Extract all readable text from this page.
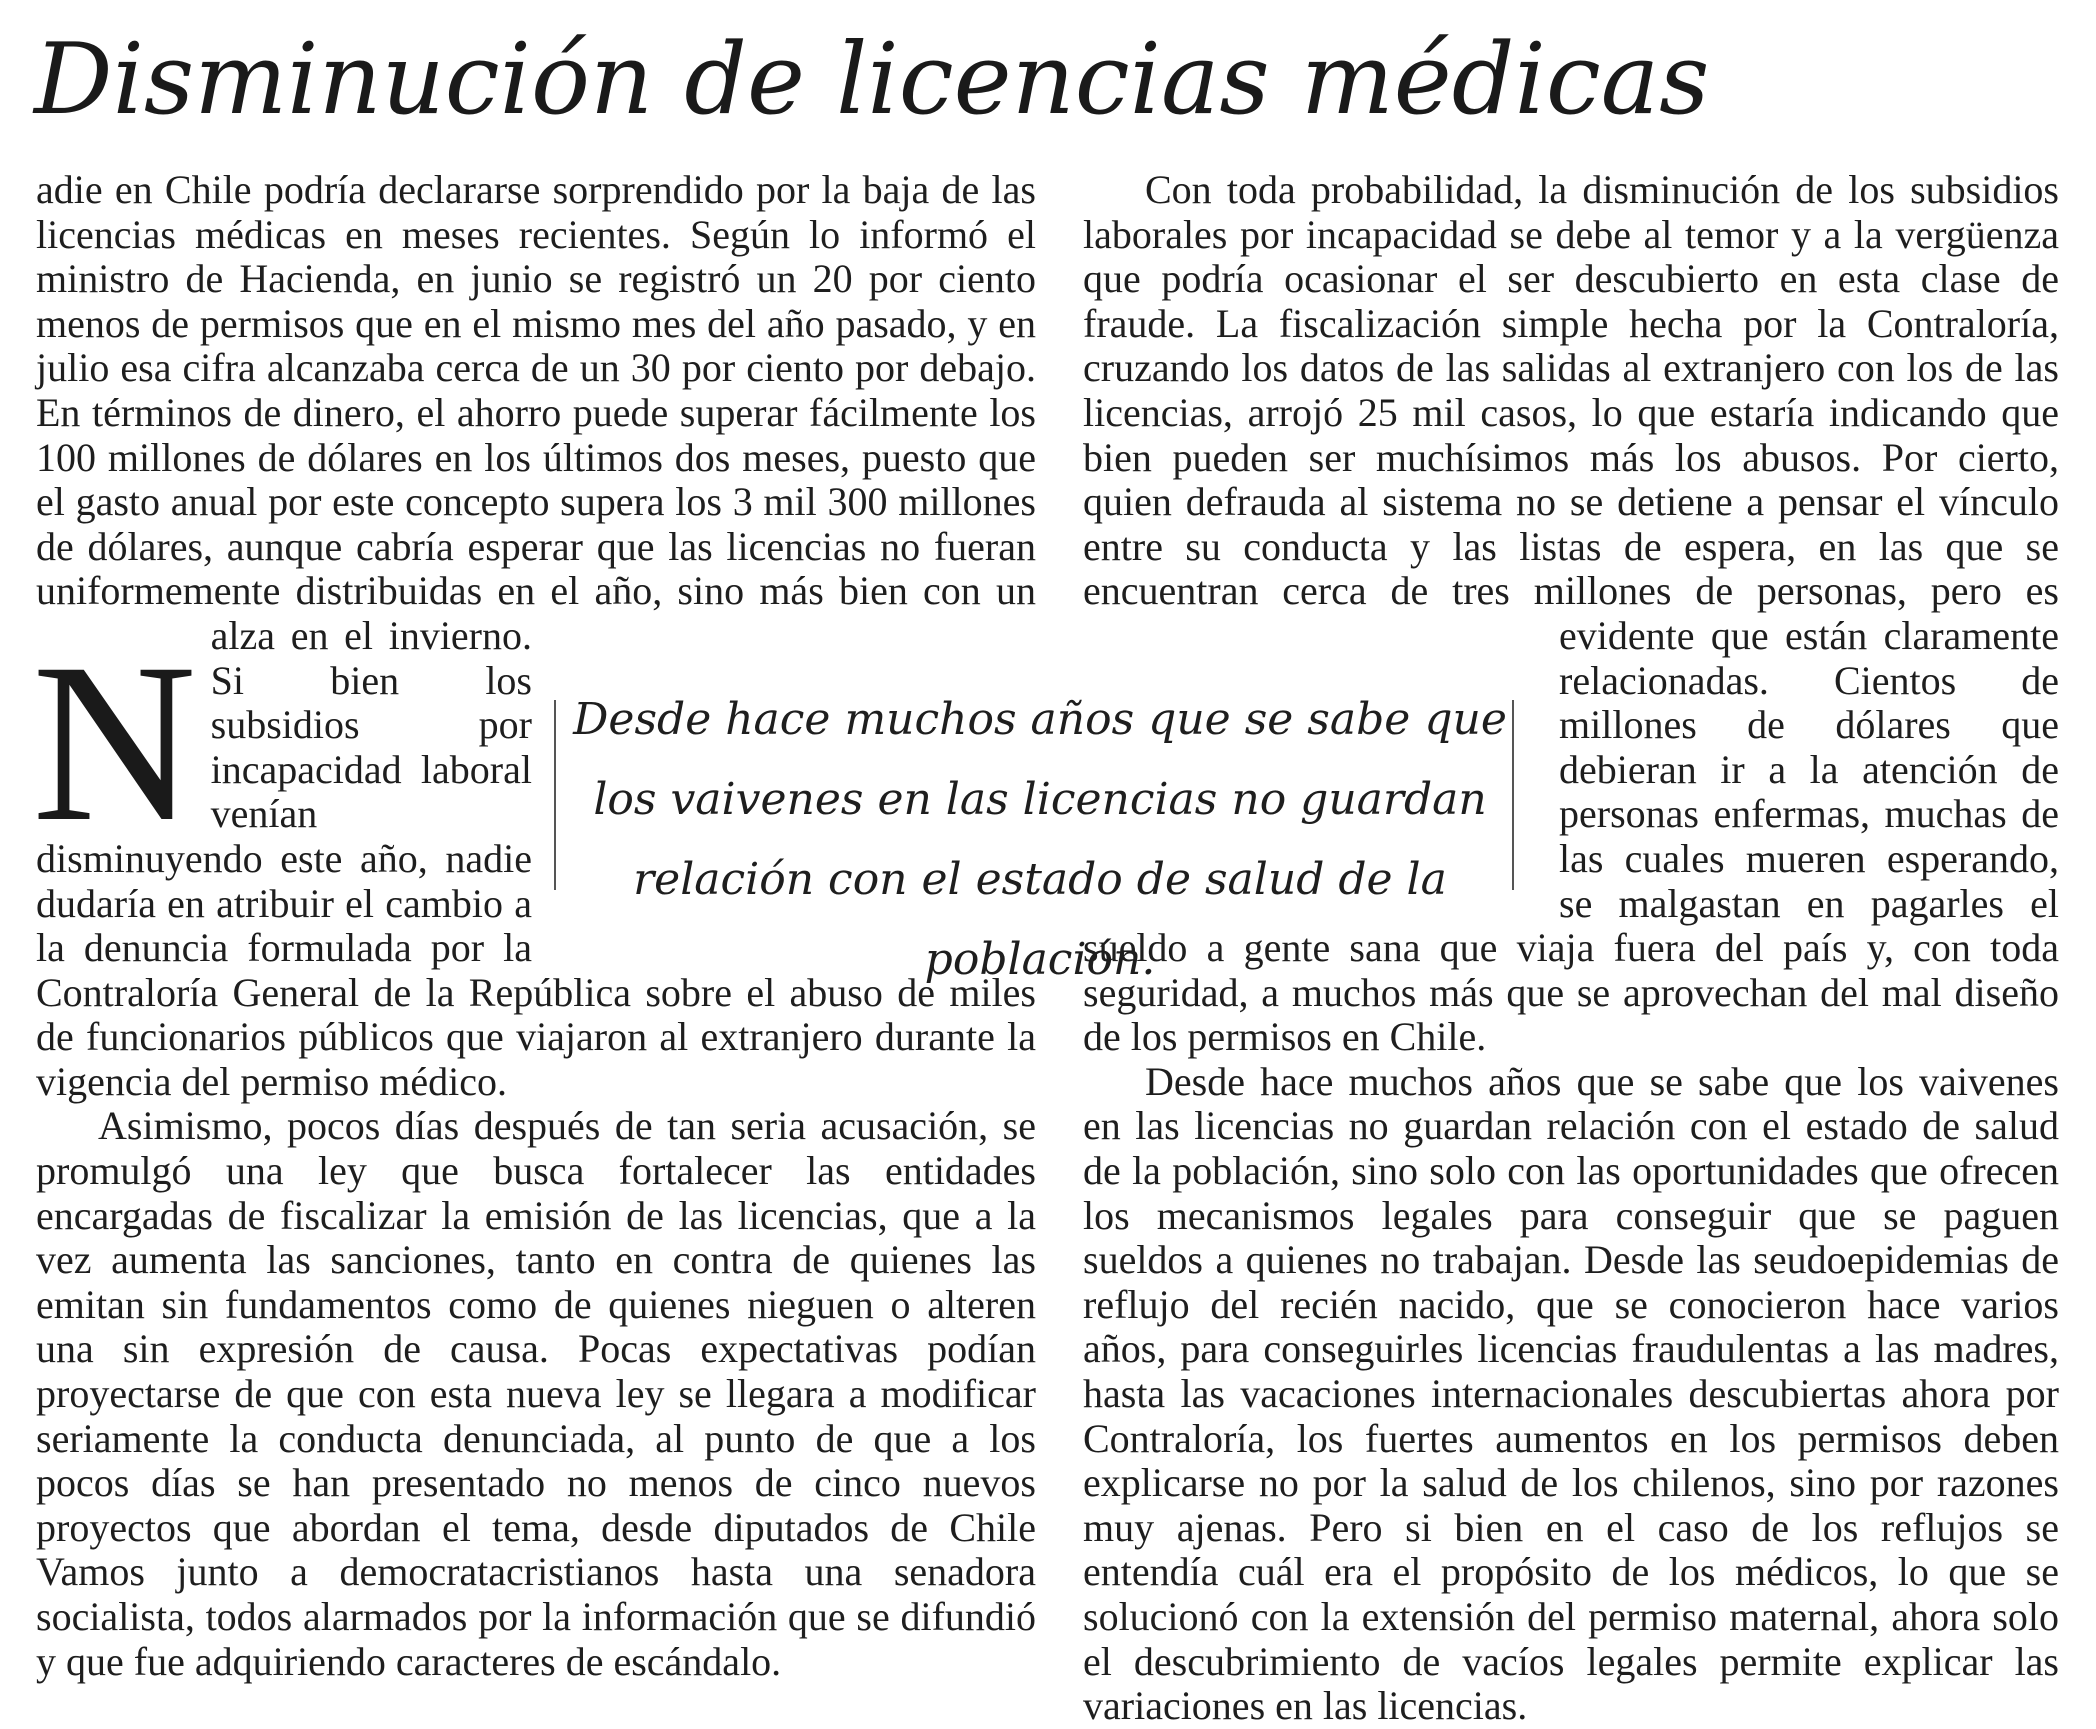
Disminución de licencias médicas

N
adie en Chile podría declararse sorprendido por la baja de las licencias médicas en meses recientes. Según lo informó el ministro de Hacienda, en junio se registró un 20 por ciento menos de permisos que en el mismo mes del año pasado, y en julio esa cifra alcanzaba cerca de un 30 por ciento por debajo. En términos de dinero, el ahorro puede superar fácilmente los 100 millones de dólares en los últimos dos meses, puesto que el gasto anual por este concepto supera los 3 mil 300 millones de dólares, aunque cabría esperar que las licencias no fueran uniformemente distribuidas en el año, sino más bien con un alza en el invierno. Si bien los subsidios por incapacidad laboral venían disminuyendo este año, nadie dudaría en atribuir el cambio a la denuncia formulada por la Contraloría General de la República sobre el abuso de miles de funcionarios públicos que viajaron al extranjero durante la vigencia del permiso médico.

Asimismo, pocos días después de tan seria acusación, se promulgó una ley que busca fortalecer las entidades encargadas de fiscalizar la emisión de las licencias, que a la vez aumenta las sanciones, tanto en contra de quienes las emitan sin fundamentos como de quienes nieguen o alteren una sin expresión de causa. Pocas expectativas podían proyectarse de que con esta nueva ley se llegara a modificar seriamente la conducta denunciada, al punto de que a los pocos días se han presentado no menos de cinco nuevos proyectos que abordan el tema, desde diputados de Chile Vamos junto a democratacristianos hasta una senadora socialista, todos alarmados por la información que se difundió y que fue adquiriendo caracteres de escándalo.

Con toda probabilidad, la disminución de los subsidios laborales por incapacidad se debe al temor y a la vergüenza que podría ocasionar el ser descubierto en esta clase de fraude. La fiscalización simple hecha por la Contraloría, cruzando los datos de las salidas al extranjero con los de las licencias, arrojó 25 mil casos, lo que estaría indicando que bien pueden ser muchísimos más los abusos. Por cierto, quien defrauda al sistema no se detiene a pensar el vínculo entre su conducta y las listas de espera, en las que se encuentran cerca de tres millones de personas, pero es evidente que están claramente relacionadas. Cientos de millones de dólares que debieran ir a la atención de personas enfermas, muchas de las cuales mueren esperando, se malgastan en pagarles el sueldo a gente sana que viaja fuera del país y, con toda seguridad, a muchos más que se aprovechan del mal diseño de los permisos en Chile.

Desde hace muchos años que se sabe que los vaivenes en las licencias no guardan relación con el estado de salud de la población, sino solo con las oportunidades que ofrecen los mecanismos legales para conseguir que se paguen sueldos a quienes no trabajan. Desde las seudoepidemias de reflujo del recién nacido, que se conocieron hace varios años, para conseguirles licencias fraudulentas a las madres, hasta las vacaciones internacionales descubiertas ahora por Contraloría, los fuertes aumentos en los permisos deben explicarse no por la salud de los chilenos, sino por razones muy ajenas. Pero si bien en el caso de los reflujos se entendía cuál era el propósito de los médicos, lo que se solucionó con la extensión del permiso maternal, ahora solo el descubrimiento de vacíos legales permite explicar las variaciones en las licencias.

Desde hace muchos años que se sabe que los vaivenes en las licencias no guardan relación con el estado de salud de la población.
